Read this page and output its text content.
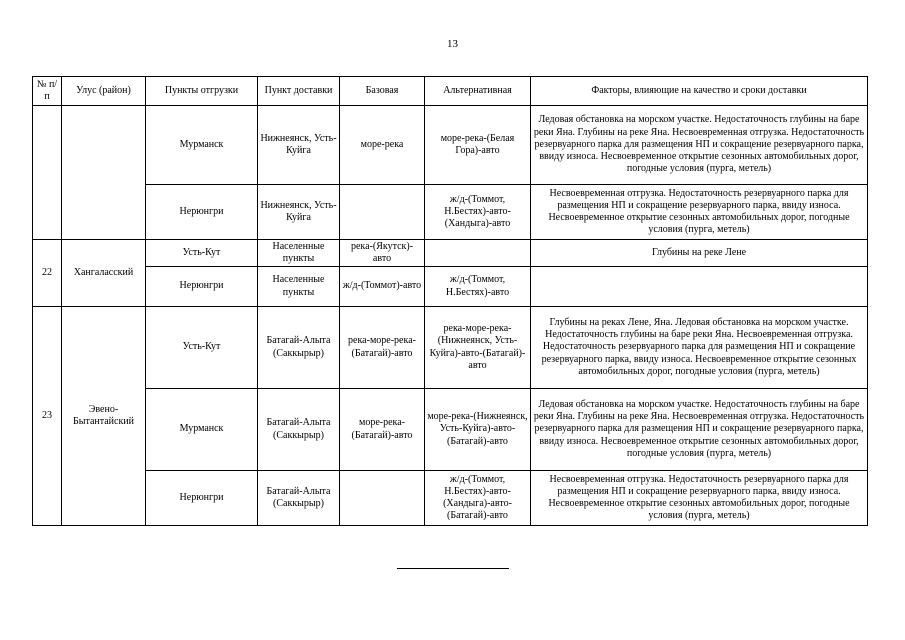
13
№ п/п	Улус (район)	Пункты отгрузки	Пункт доставки	Базовая	Альтернативная	Факторы, влияющие на качество и сроки доставки
		Мурманск	Нижнеянск, Усть-Куйга	море-река	море-река-(Белая Гора)-авто	Ледовая обстановка на морском участке. Недостаточность глубины на баре реки Яна. Глубины на реке Яна. Несвоевременная отгрузка. Недостаточность резервуарного парка для размещения НП и сокращение резервуарного парка, ввиду износа. Несвоевременное открытие сезонных автомобильных дорог, погодные условия (пурга, метель)
		Нерюнгри	Нижнеянск, Усть-Куйга		ж/д-(Томмот, Н.Бестях)-авто-(Хандыга)-авто	Несвоевременная отгрузка. Недостаточность резервуарного парка для размещения НП и сокращение резервуарного парка, ввиду износа. Несвоевременное открытие сезонных автомобильных дорог, погодные условия (пурга, метель)
22	Хангаласский	Усть-Кут	Населенные пункты	река-(Якутск)-авто		Глубины на реке Лене
		Нерюнгри	Населенные пункты	ж/д-(Томмот)-авто	ж/д-(Томмот, Н.Бестях)-авто	
23	Эвено-Бытантайский	Усть-Кут	Батагай-Алыта (Саккырыр)	река-море-река-(Батагай)-авто	река-море-река-(Нижнеянск, Усть-Куйга)-авто-(Батагай)-авто	Глубины на реках Лене, Яна. Ледовая обстановка на морском участке. Недостаточность глубины на баре реки Яна. Несвоевременная отгрузка. Недостаточность резервуарного парка для размещения НП и сокращение резервуарного парка, ввиду износа. Несвоевременное открытие сезонных автомобильных дорог, погодные условия (пурга, метель)
		Мурманск	Батагай-Алыта (Саккырыр)	море-река-(Батагай)-авто	море-река-(Нижнеянск, Усть-Куйга)-авто-(Батагай)-авто	Ледовая обстановка на морском участке. Недостаточность глубины на баре реки Яна. Глубины на реке Яна. Несвоевременная отгрузка. Недостаточность резервуарного парка для размещения НП и сокращение резервуарного парка, ввиду износа. Несвоевременное открытие сезонных автомобильных дорог, погодные условия (пурга, метель)
		Нерюнгри	Батагай-Алыта (Саккырыр)		ж/д-(Томмот, Н.Бестях)-авто-(Хандыга)-авто-(Батагай)-авто	Несвоевременная отгрузка. Недостаточность резервуарного парка для размещения НП и сокращение резервуарного парка, ввиду износа. Несвоевременное открытие сезонных автомобильных дорог, погодные условия (пурга, метель)
